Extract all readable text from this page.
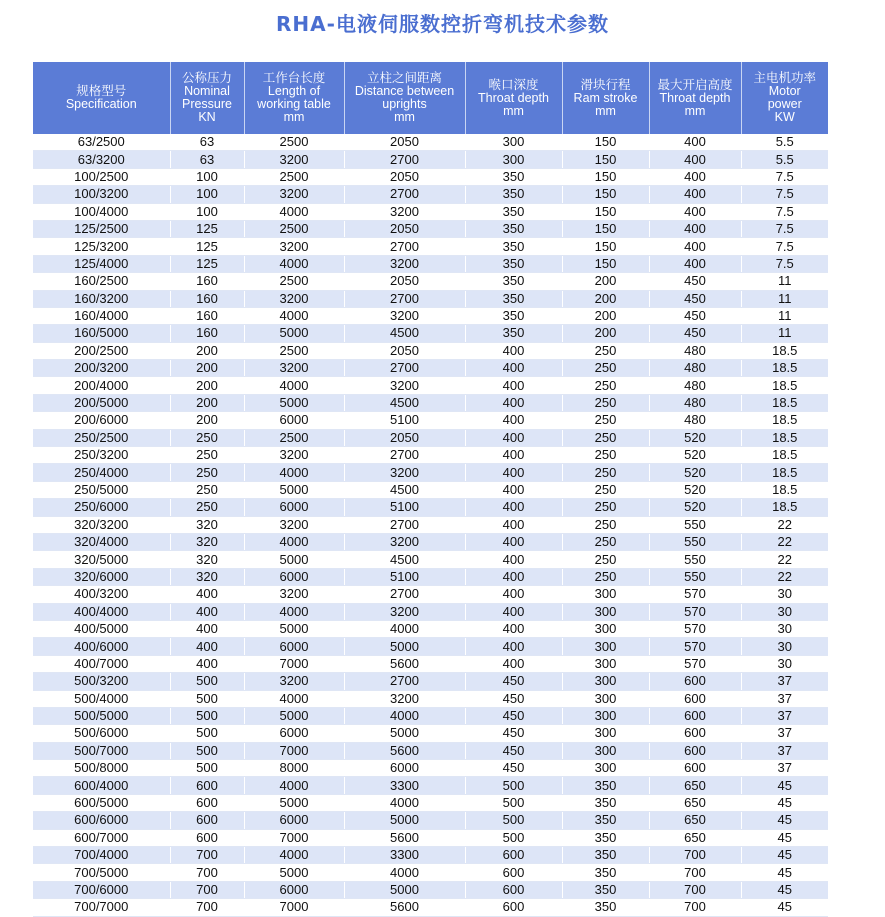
RHA-电液伺服数控折弯机技术参数
规格型号
Specification	公称压力
Nominal
Pressure
KN	工作台长度
Length of
working table
mm	立柱之间距离
Distance between
uprights
mm	喉口深度
Throat depth
mm	滑块行程
Ram stroke
mm	最大开启高度
Throat depth
mm	主电机功率
Motor
power
KW

63/2500	63	2500	2050	300	150	400	5.5
63/3200	63	3200	2700	300	150	400	5.5
100/2500	100	2500	2050	350	150	400	7.5
100/3200	100	3200	2700	350	150	400	7.5
100/4000	100	4000	3200	350	150	400	7.5
125/2500	125	2500	2050	350	150	400	7.5
125/3200	125	3200	2700	350	150	400	7.5
125/4000	125	4000	3200	350	150	400	7.5
160/2500	160	2500	2050	350	200	450	11
160/3200	160	3200	2700	350	200	450	11
160/4000	160	4000	3200	350	200	450	11
160/5000	160	5000	4500	350	200	450	11
200/2500	200	2500	2050	400	250	480	18.5
200/3200	200	3200	2700	400	250	480	18.5
200/4000	200	4000	3200	400	250	480	18.5
200/5000	200	5000	4500	400	250	480	18.5
200/6000	200	6000	5100	400	250	480	18.5
250/2500	250	2500	2050	400	250	520	18.5
250/3200	250	3200	2700	400	250	520	18.5
250/4000	250	4000	3200	400	250	520	18.5
250/5000	250	5000	4500	400	250	520	18.5
250/6000	250	6000	5100	400	250	520	18.5
320/3200	320	3200	2700	400	250	550	22
320/4000	320	4000	3200	400	250	550	22
320/5000	320	5000	4500	400	250	550	22
320/6000	320	6000	5100	400	250	550	22
400/3200	400	3200	2700	400	300	570	30
400/4000	400	4000	3200	400	300	570	30
400/5000	400	5000	4000	400	300	570	30
400/6000	400	6000	5000	400	300	570	30
400/7000	400	7000	5600	400	300	570	30
500/3200	500	3200	2700	450	300	600	37
500/4000	500	4000	3200	450	300	600	37
500/5000	500	5000	4000	450	300	600	37
500/6000	500	6000	5000	450	300	600	37
500/7000	500	7000	5600	450	300	600	37
500/8000	500	8000	6000	450	300	600	37
600/4000	600	4000	3300	500	350	650	45
600/5000	600	5000	4000	500	350	650	45
600/6000	600	6000	5000	500	350	650	45
600/7000	600	7000	5600	500	350	650	45
700/4000	700	4000	3300	600	350	700	45
700/5000	700	5000	4000	600	350	700	45
700/6000	700	6000	5000	600	350	700	45
700/7000	700	7000	5600	600	350	700	45
